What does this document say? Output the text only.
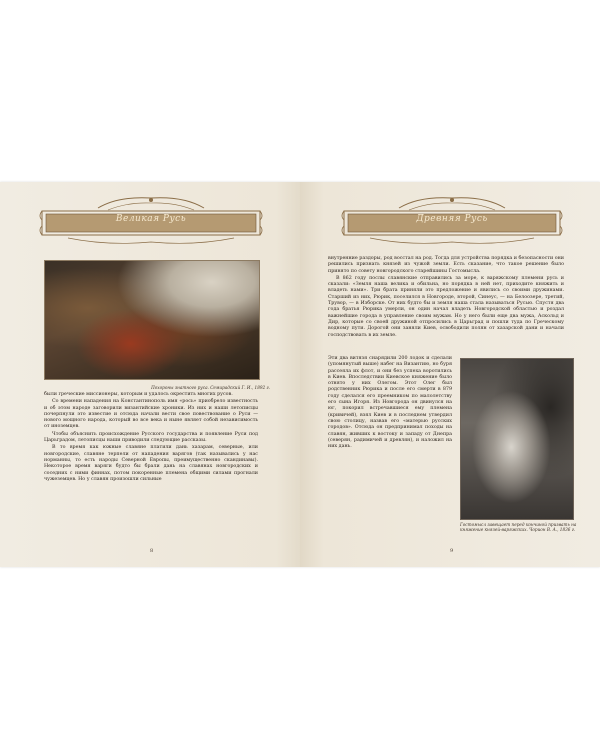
Великая Русь
Похороны знатного руса. Семирадский Г. И., 1892 г.

были греческие миссионеры, которым и удалось окрестить многих русов.

Со времени нападения на Константинополь имя «рось» приобрело известность и об этом народе заговорили византийские хроники. Из них и наши летописцы почерпнули это известие и отсюда начали вести свое повествование о Руси — нового мощного народа, который во все века и ныне являет собой независимость от иноземцев.

Чтобы объяснить происхождение Русского государства и появление Руси под Царьградом, летописцы наши приводили следующие рассказы.

В то время как южные славяне платили дань хазарам, северные, или новгородские, славяне терпели от нападения варягов (так назывались у нас норманны, то есть народы Северной Европы, преимущественно скандинавы). Некоторое время варяги будто бы брали дань на славянах новгородских и соседних с ними финнах, потом покоренные племена общими силами прогнали чужеземцев. Но у славян произошли сильные

8
Древняя Русь

внутренние раздоры, род восстал на род. Тогда для устройства порядка и безопасности они решились признать князей из чужой земли. Есть сказание, что такое решение было принято по совету новгородского старейшины Гостомысла.

В 862 году послы славянские отправились за море, к варяжскому племени русь и сказали: «Земля наша велика и обильна, но порядка в ней нет, приходите княжить и владеть нами». Три брата приняли это предложение и явились со своими дружинами. Старший из них, Рюрик, поселился в Новгороде, второй, Синеус, — на Белоозере, третий, Трувор, — в Изборске. От них будто бы и земля наша стала называться Русью. Спустя два года братья Рюрика умерли, он один начал владеть Новгородской областью и роздал важнейшие города в управление своим мужам. Но у него были еще два мужа, Аскольд и Дир, которые со своей дружиной отпросились в Царьград и пошли туда по Греческому водному пути. Дорогой они заняли Киев, освободили полян от хазарской дани и начали господствовать в их земле.

Эти два витязя снарядили 200 лодок и сделали (упомянутый выше) набег на Византию, но буря рассеяла их флот, и они без успеха воротились в Киев. Впоследствии Киевское княжение было отнято у них Олегом. Этот Олег был родственник Рюрика и после его смерти в 879 году сделался его преемником по малолетству его сына Игоря. Из Новгорода он двинулся на юг, покорил встречавшиеся ему племена (кривичей), взял Киев и в последнем утвердил свою столицу, назвав его «матерью русских городов». Отсюда он предпринимал походы на славян, живших к востоку и западу от Днепра (северян, радимичей и древлян), и наложил на них дань.
Гостомысл завещает перед кончиной призвать на княжение князей-варяжских. Чорион В. А., 1836 г.
9
